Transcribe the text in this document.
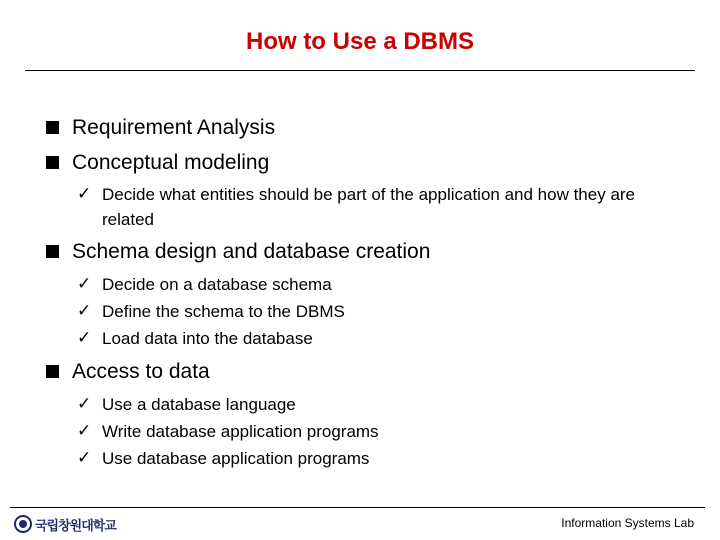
How to Use a DBMS
Requirement Analysis
Conceptual modeling
✓ Decide what entities should be part of the application and how they are related
Schema design and database creation
✓ Decide on a database schema
✓ Define the schema to the DBMS
✓ Load data into the database
Access to data
✓ Use a database language
✓ Write database application programs
✓ Use database application programs
국립창원대학교	Information Systems Lab
